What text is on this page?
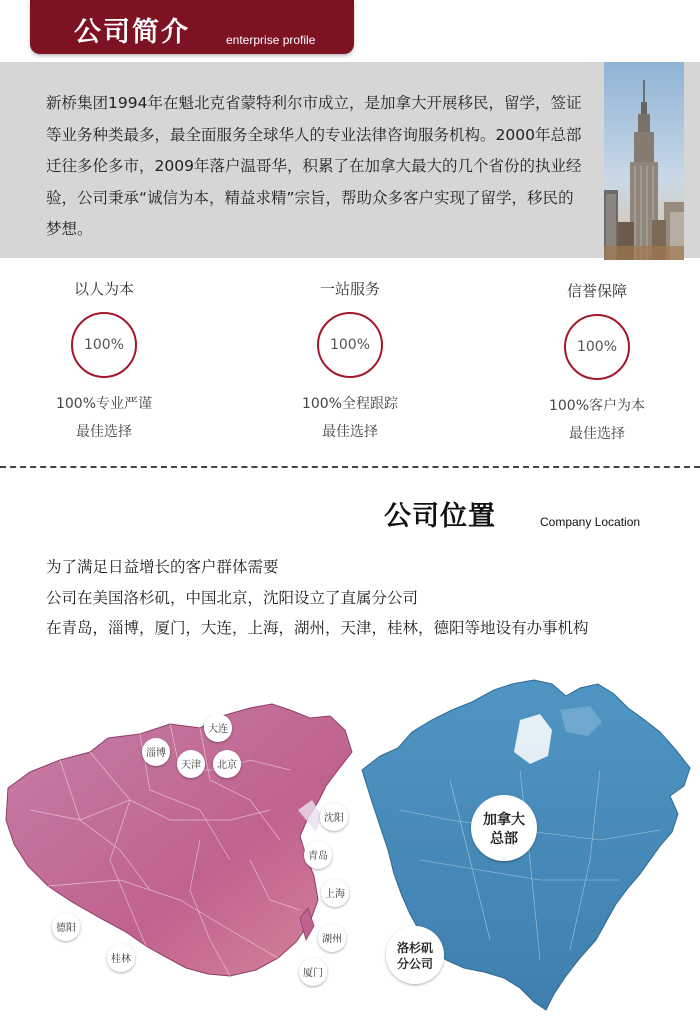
公司简介	enterprise profile

新桥集团1994年在魁北克省蒙特利尔市成立，是加拿大开展移民，留学，签证等业务种类最多，最全面服务全球华人的专业法律咨询服务机构。2000年总部迁往多伦多市，2009年落户温哥华，积累了在加拿大最大的几个省份的执业经验，公司秉承“诚信为本，精益求精”宗旨，帮助众多客户实现了留学，移民的梦想。

以人为本
100%
100%专业严谨
最佳选择
一站服务
100%
100%全程跟踪
最佳选择
信誉保障
100%
100%客户为本
最佳选择
公司位置	Company Location
为了满足日益增长的客户群体需要
公司在美国洛杉矶，中国北京，沈阳设立了直属分公司
在青岛，淄博，厦门，大连，上海，湖州，天津，桂林，德阳等地设有办事机构
大连
淄博
天津 北京
沈阳
青岛
上海
湖州
厦门
德阳
桂林
加拿大
总部
洛杉矶
分公司
